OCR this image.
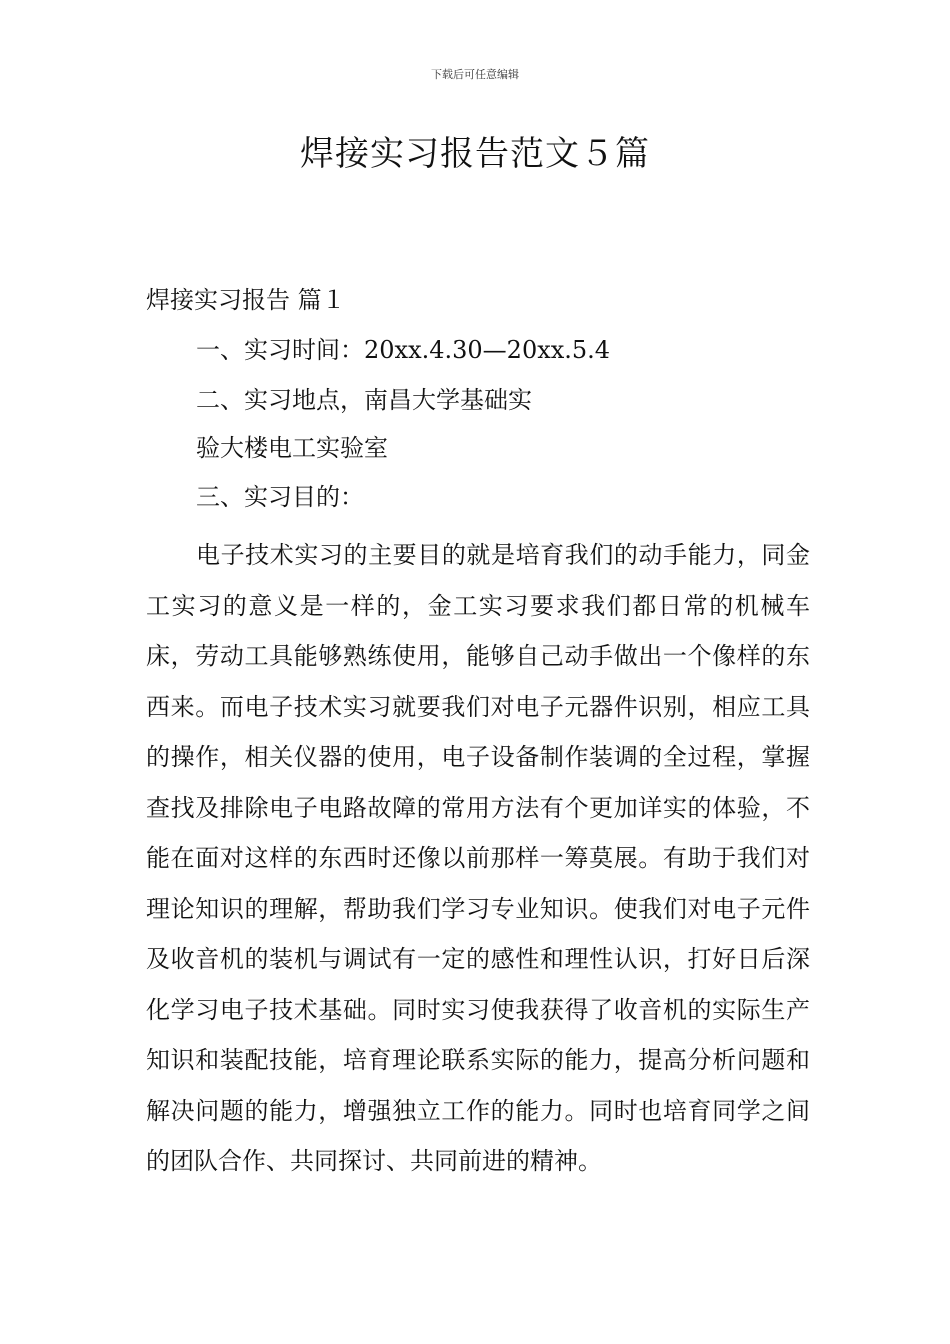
下载后可任意编辑
焊接实习报告范文５篇
焊接实习报告 篇１
一、实习时间：20xx.4.30—20xx.5.4
二、实习地点，南昌大学基础实
验大楼电工实验室
三、实习目的：

电子技术实习的主要目的就是培育我们的动手能力，同金工实习的意义是一样的，金工实习要求我们都日常的机械车床，劳动工具能够熟练使用，能够自己动手做出一个像样的东西来。而电子技术实习就要我们对电子元器件识别，相应工具的操作，相关仪器的使用，电子设备制作装调的全过程，掌握查找及排除电子电路故障的常用方法有个更加详实的体验，不能在面对这样的东西时还像以前那样一筹莫展。有助于我们对理论知识的理解，帮助我们学习专业知识。使我们对电子元件及收音机的装机与调试有一定的感性和理性认识，打好日后深化学习电子技术基础。同时实习使我获得了收音机的实际生产知识和装配技能，培育理论联系实际的能力，提高分析问题和解决问题的能力，增强独立工作的能力。同时也培育同学之间的团队合作、共同探讨、共同前进的精神。
